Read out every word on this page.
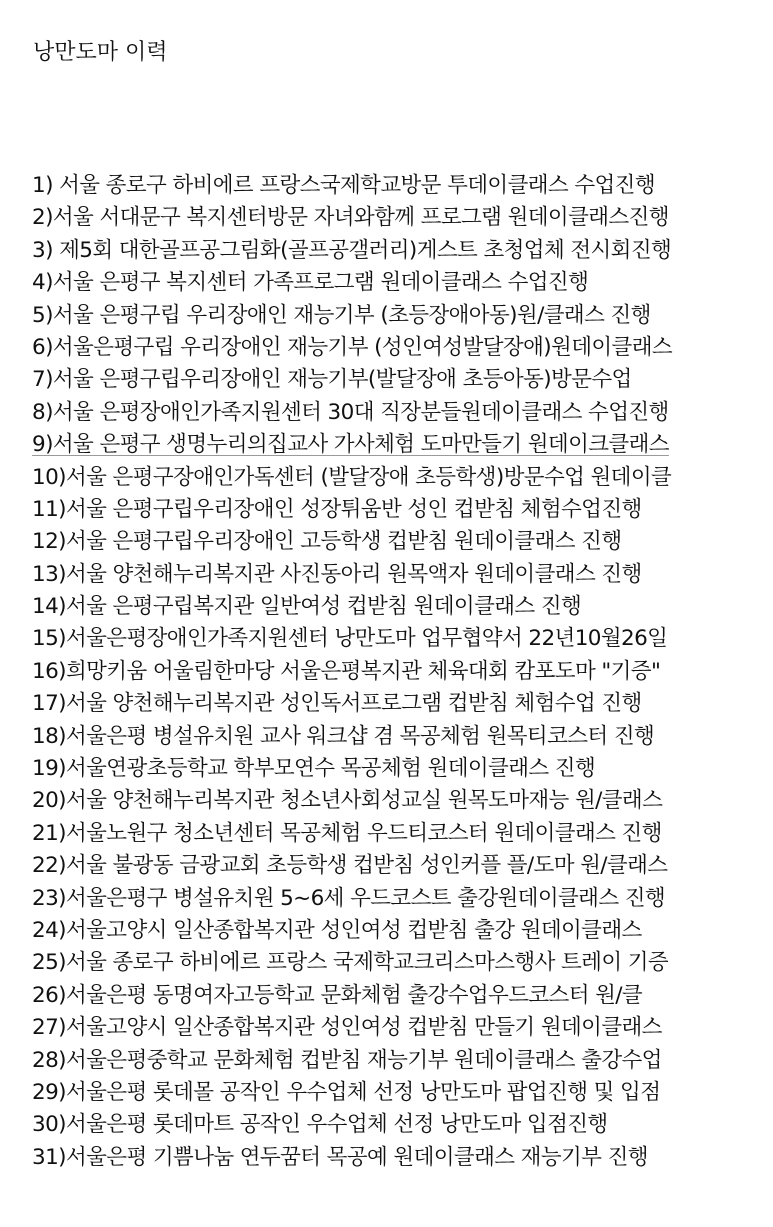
낭만도마 이력
1) 서울 종로구 하비에르 프랑스국제학교방문 투데이클래스 수업진행
2)서울 서대문구 복지센터방문 자녀와함께 프로그램 원데이클래스진행
3) 제5회 대한골프공그림화(골프공갤러리)게스트 초청업체 전시회진행
4)서울 은평구 복지센터 가족프로그램 원데이클래스 수업진행
5)서울 은평구립 우리장애인 재능기부 (초등장애아동)원/클래스 진행
6)서울은평구립 우리장애인 재능기부 (성인여성발달장애)원데이클래스
7)서울 은평구립우리장애인 재능기부(발달장애 초등아동)방문수업
8)서울 은평장애인가족지원센터 30대 직장분들원데이클래스 수업진행
9)서울 은평구 생명누리의집교사 가사체험 도마만들기 원데이크클래스
10)서울 은평구장애인가독센터 (발달장애 초등학생)방문수업 원데이클
11)서울 은평구립우리장애인 성장튀움반 성인 컵받침 체험수업진행
12)서울 은평구립우리장애인 고등학생 컵받침 원데이클래스 진행
13)서울 양천해누리복지관 사진동아리 원목액자 원데이클래스 진행
14)서울 은평구립복지관 일반여성 컵받침 원데이클래스 진행
15)서울은평장애인가족지원센터 낭만도마 업무협약서 22년10월26일
16)희망키움 어울림한마당 서울은평복지관 체육대회 캄포도마 "기증"
17)서울 양천해누리복지관 성인독서프로그램 컵받침 체험수업 진행
18)서울은평 병설유치원 교사 워크샵 겸 목공체험 원목티코스터 진행
19)서울연광초등학교 학부모연수 목공체험 원데이클래스 진행
20)서울 양천해누리복지관 청소년사회성교실 원목도마재능 원/클래스
21)서울노원구 청소년센터 목공체험 우드티코스터 원데이클래스 진행
22)서울 불광동 금광교회 초등학생 컵받침 성인커플 플/도마 원/클래스
23)서울은평구 병설유치원 5~6세 우드코스트 출강원데이클래스 진행
24)서울고양시 일산종합복지관 성인여성 컵받침 출강 원데이클래스
25)서울 종로구 하비에르 프랑스 국제학교크리스마스행사 트레이 기증
26)서울은평 동명여자고등학교 문화체험 출강수업우드코스터 원/클
27)서울고양시 일산종합복지관 성인여성 컵받침 만들기 원데이클래스
28)서울은평중학교 문화체험 컵받침 재능기부 원데이클래스 출강수업
29)서울은평 롯데몰 공작인 우수업체 선정 낭만도마 팝업진행 및 입점
30)서울은평 롯데마트 공작인 우수업체 선정 낭만도마 입점진행
31)서울은평 기쁨나눔 연두꿈터 목공예 원데이클래스 재능기부 진행
